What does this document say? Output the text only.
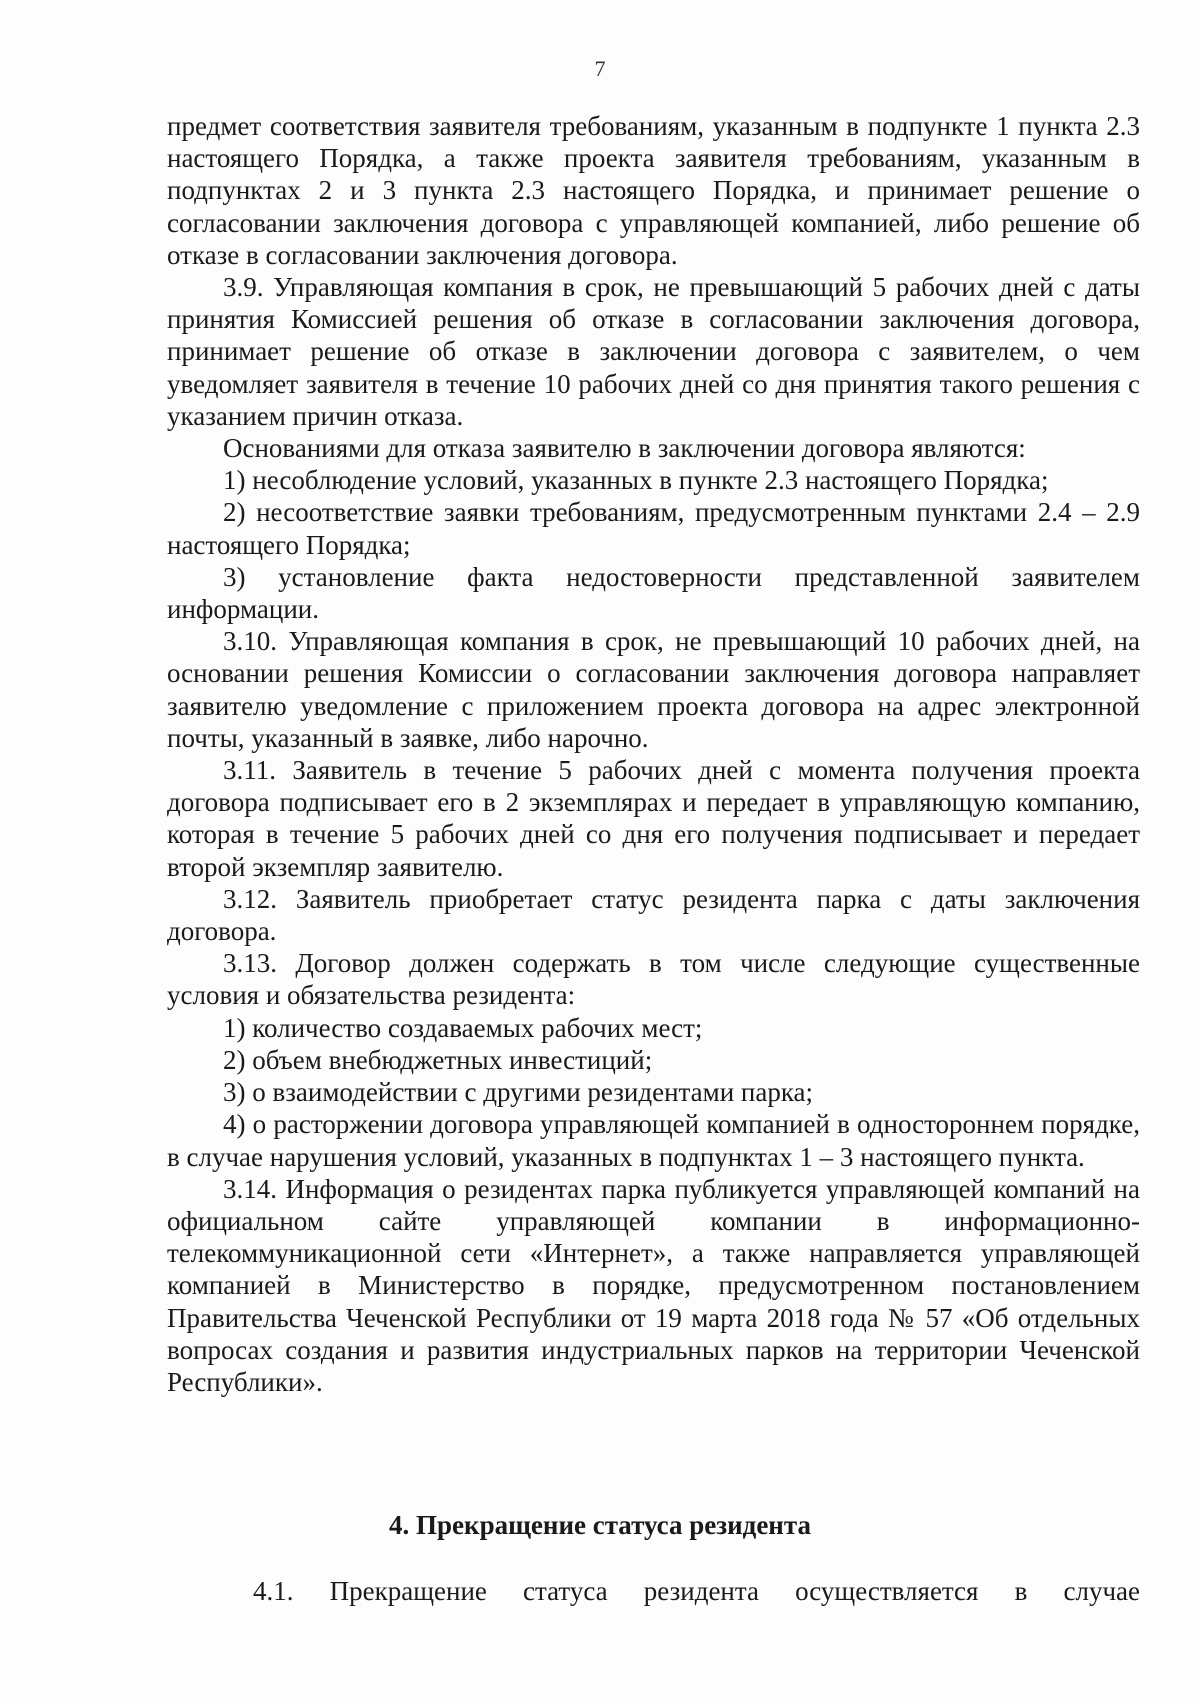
7

предмет соответствия заявителя требованиям, указанным в подпункте 1 пункта 2.3 настоящего Порядка, а также проекта заявителя требованиям, указанным в подпунктах 2 и 3 пункта 2.3 настоящего Порядка, и принимает решение о согласовании заключения договора с управляющей компанией, либо решение об отказе в согласовании заключения договора.

3.9. Управляющая компания в срок, не превышающий 5 рабочих дней с даты принятия Комиссией решения об отказе в согласовании заключения договора, принимает решение об отказе в заключении договора с заявителем, о чем уведомляет заявителя в течение 10 рабочих дней со дня принятия такого решения с указанием причин отказа.

Основаниями для отказа заявителю в заключении договора являются:

1) несоблюдение условий, указанных в пункте 2.3 настоящего Порядка;

2) несоответствие заявки требованиям, предусмотренным пунктами 2.4 – 2.9 настоящего Порядка;

3) установление факта недостоверности представленной заявителем информации.

3.10. Управляющая компания в срок, не превышающий 10 рабочих дней, на основании решения Комиссии о согласовании заключения договора направляет заявителю уведомление с приложением проекта договора на адрес электронной почты, указанный в заявке, либо нарочно.

3.11. Заявитель в течение 5 рабочих дней с момента получения проекта договора подписывает его в 2 экземплярах и передает в управляющую компанию, которая в течение 5 рабочих дней со дня его получения подписывает и передает второй экземпляр заявителю.

3.12. Заявитель приобретает статус резидента парка с даты заключения договора.

3.13. Договор должен содержать в том числе следующие существенные условия и обязательства резидента:

1) количество создаваемых рабочих мест;

2) объем внебюджетных инвестиций;

3) о взаимодействии с другими резидентами парка;

4) о расторжении договора управляющей компанией в одностороннем порядке, в случае нарушения условий, указанных в подпунктах 1 – 3 настоящего пункта.

3.14. Информация о резидентах парка публикуется управляющей компаний на официальном сайте управляющей компании в информационно-телекоммуникационной сети «Интернет», а также направляется управляющей компанией в Министерство в порядке, предусмотренном постановлением Правительства Чеченской Республики от 19 марта 2018 года № 57 «Об отдельных вопросах создания и развития индустриальных парков на территории Чеченской Республики».

4. Прекращение статуса резидента

4.1. Прекращение статуса резидента осуществляется в случае
